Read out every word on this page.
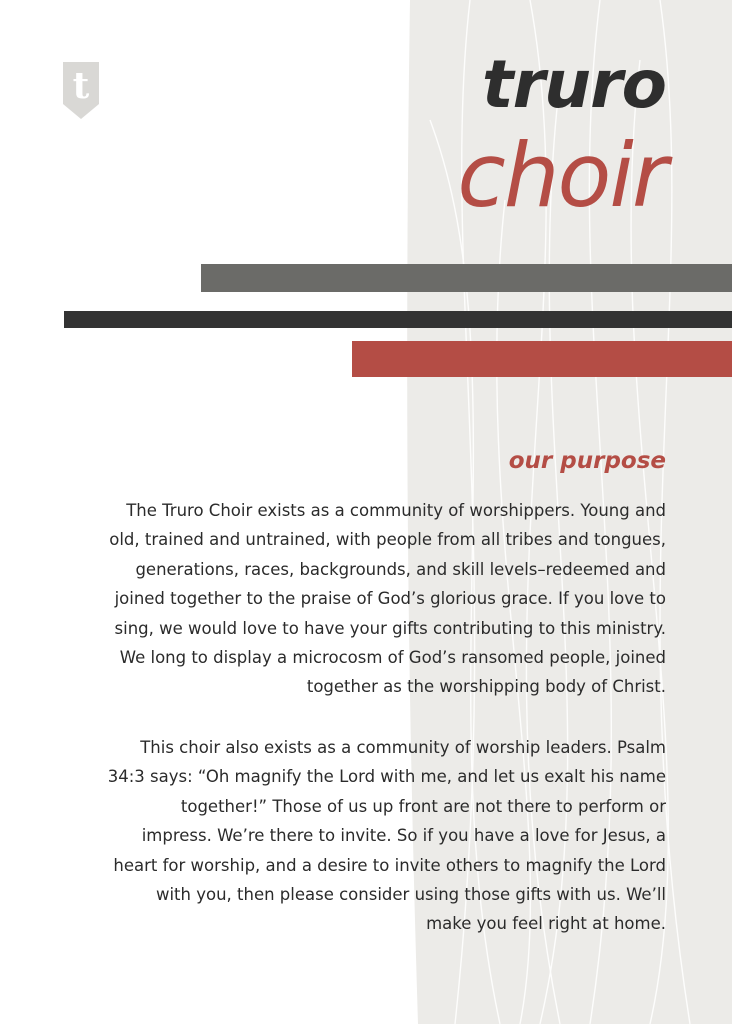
t	truro
choir
our purpose

The Truro Choir exists as a community of worshippers. Young and old, trained and untrained, with people from all tribes and tongues, generations, races, backgrounds, and skill levels–redeemed and joined together to the praise of God’s glorious grace. If you love to sing, we would love to have your gifts contributing to this ministry. We long to display a microcosm of God’s ransomed people, joined together as the worshipping body of Christ.

This choir also exists as a community of worship leaders. Psalm 34:3 says: “Oh magnify the Lord with me, and let us exalt his name together!” Those of us up front are not there to perform or impress. We’re there to invite. So if you have a love for Jesus, a heart for worship, and a desire to invite others to magnify the Lord with you, then please consider using those gifts with us. We’ll make you feel right at home.
